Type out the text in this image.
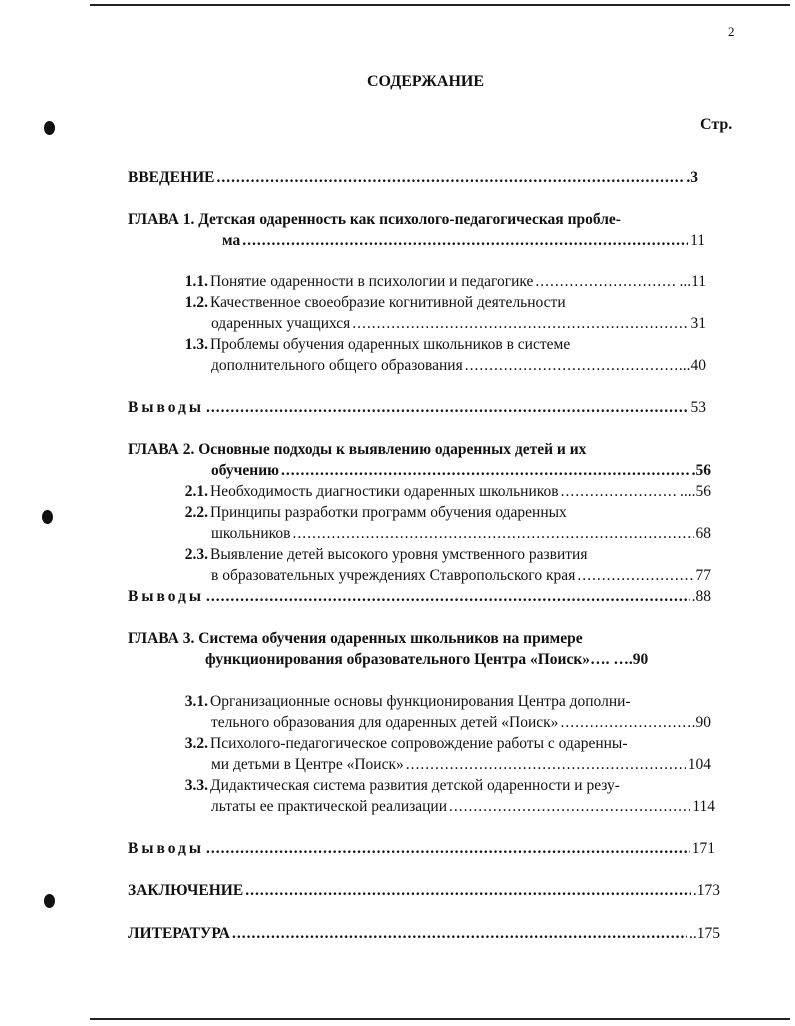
2
СОДЕРЖАНИЕ
Стр.
ВВЕДЕНИЕ .....	.3
ГЛАВА 1. Детская одаренность как психолого-педагогическая пробле-
ма .....	11
1.1. Понятие одаренности в психологии и педагогике .....	...11
1.2. Качественное своеобразие когнитивной деятельности
одаренных учащихся .....	31
1.3. Проблемы обучения одаренных школьников в системе
дополнительного общего образования .....	...40
Выводы .....	53
ГЛАВА 2. Основные подходы к выявлению одаренных детей и их
обучению .....	.56
2.1. Необходимость диагностики одаренных школьников .....	....56
2.2. Принципы разработки программ обучения одаренных
школьников .....	68
2.3. Выявление детей высокого уровня умственного развития
в образовательных учреждениях Ставропольского края .....	77
Выводы .....	.88
ГЛАВА 3. Система обучения одаренных школьников на примере
функционирования образовательного Центра «Поиск»…. ….90
3.1. Организационные основы функционирования Центра дополни-
тельного образования для одаренных детей «Поиск» .....	.90
3.2. Психолого-педагогическое сопровождение работы с одаренны-
ми детьми в Центре «Поиск» .....	104
3.3. Дидактическая система развития детской одаренности и резу-
льтаты ее практической реализации .....	114
Выводы .....	171
ЗАКЛЮЧЕНИЕ .....	.173
ЛИТЕРАТУРА .....	..175
